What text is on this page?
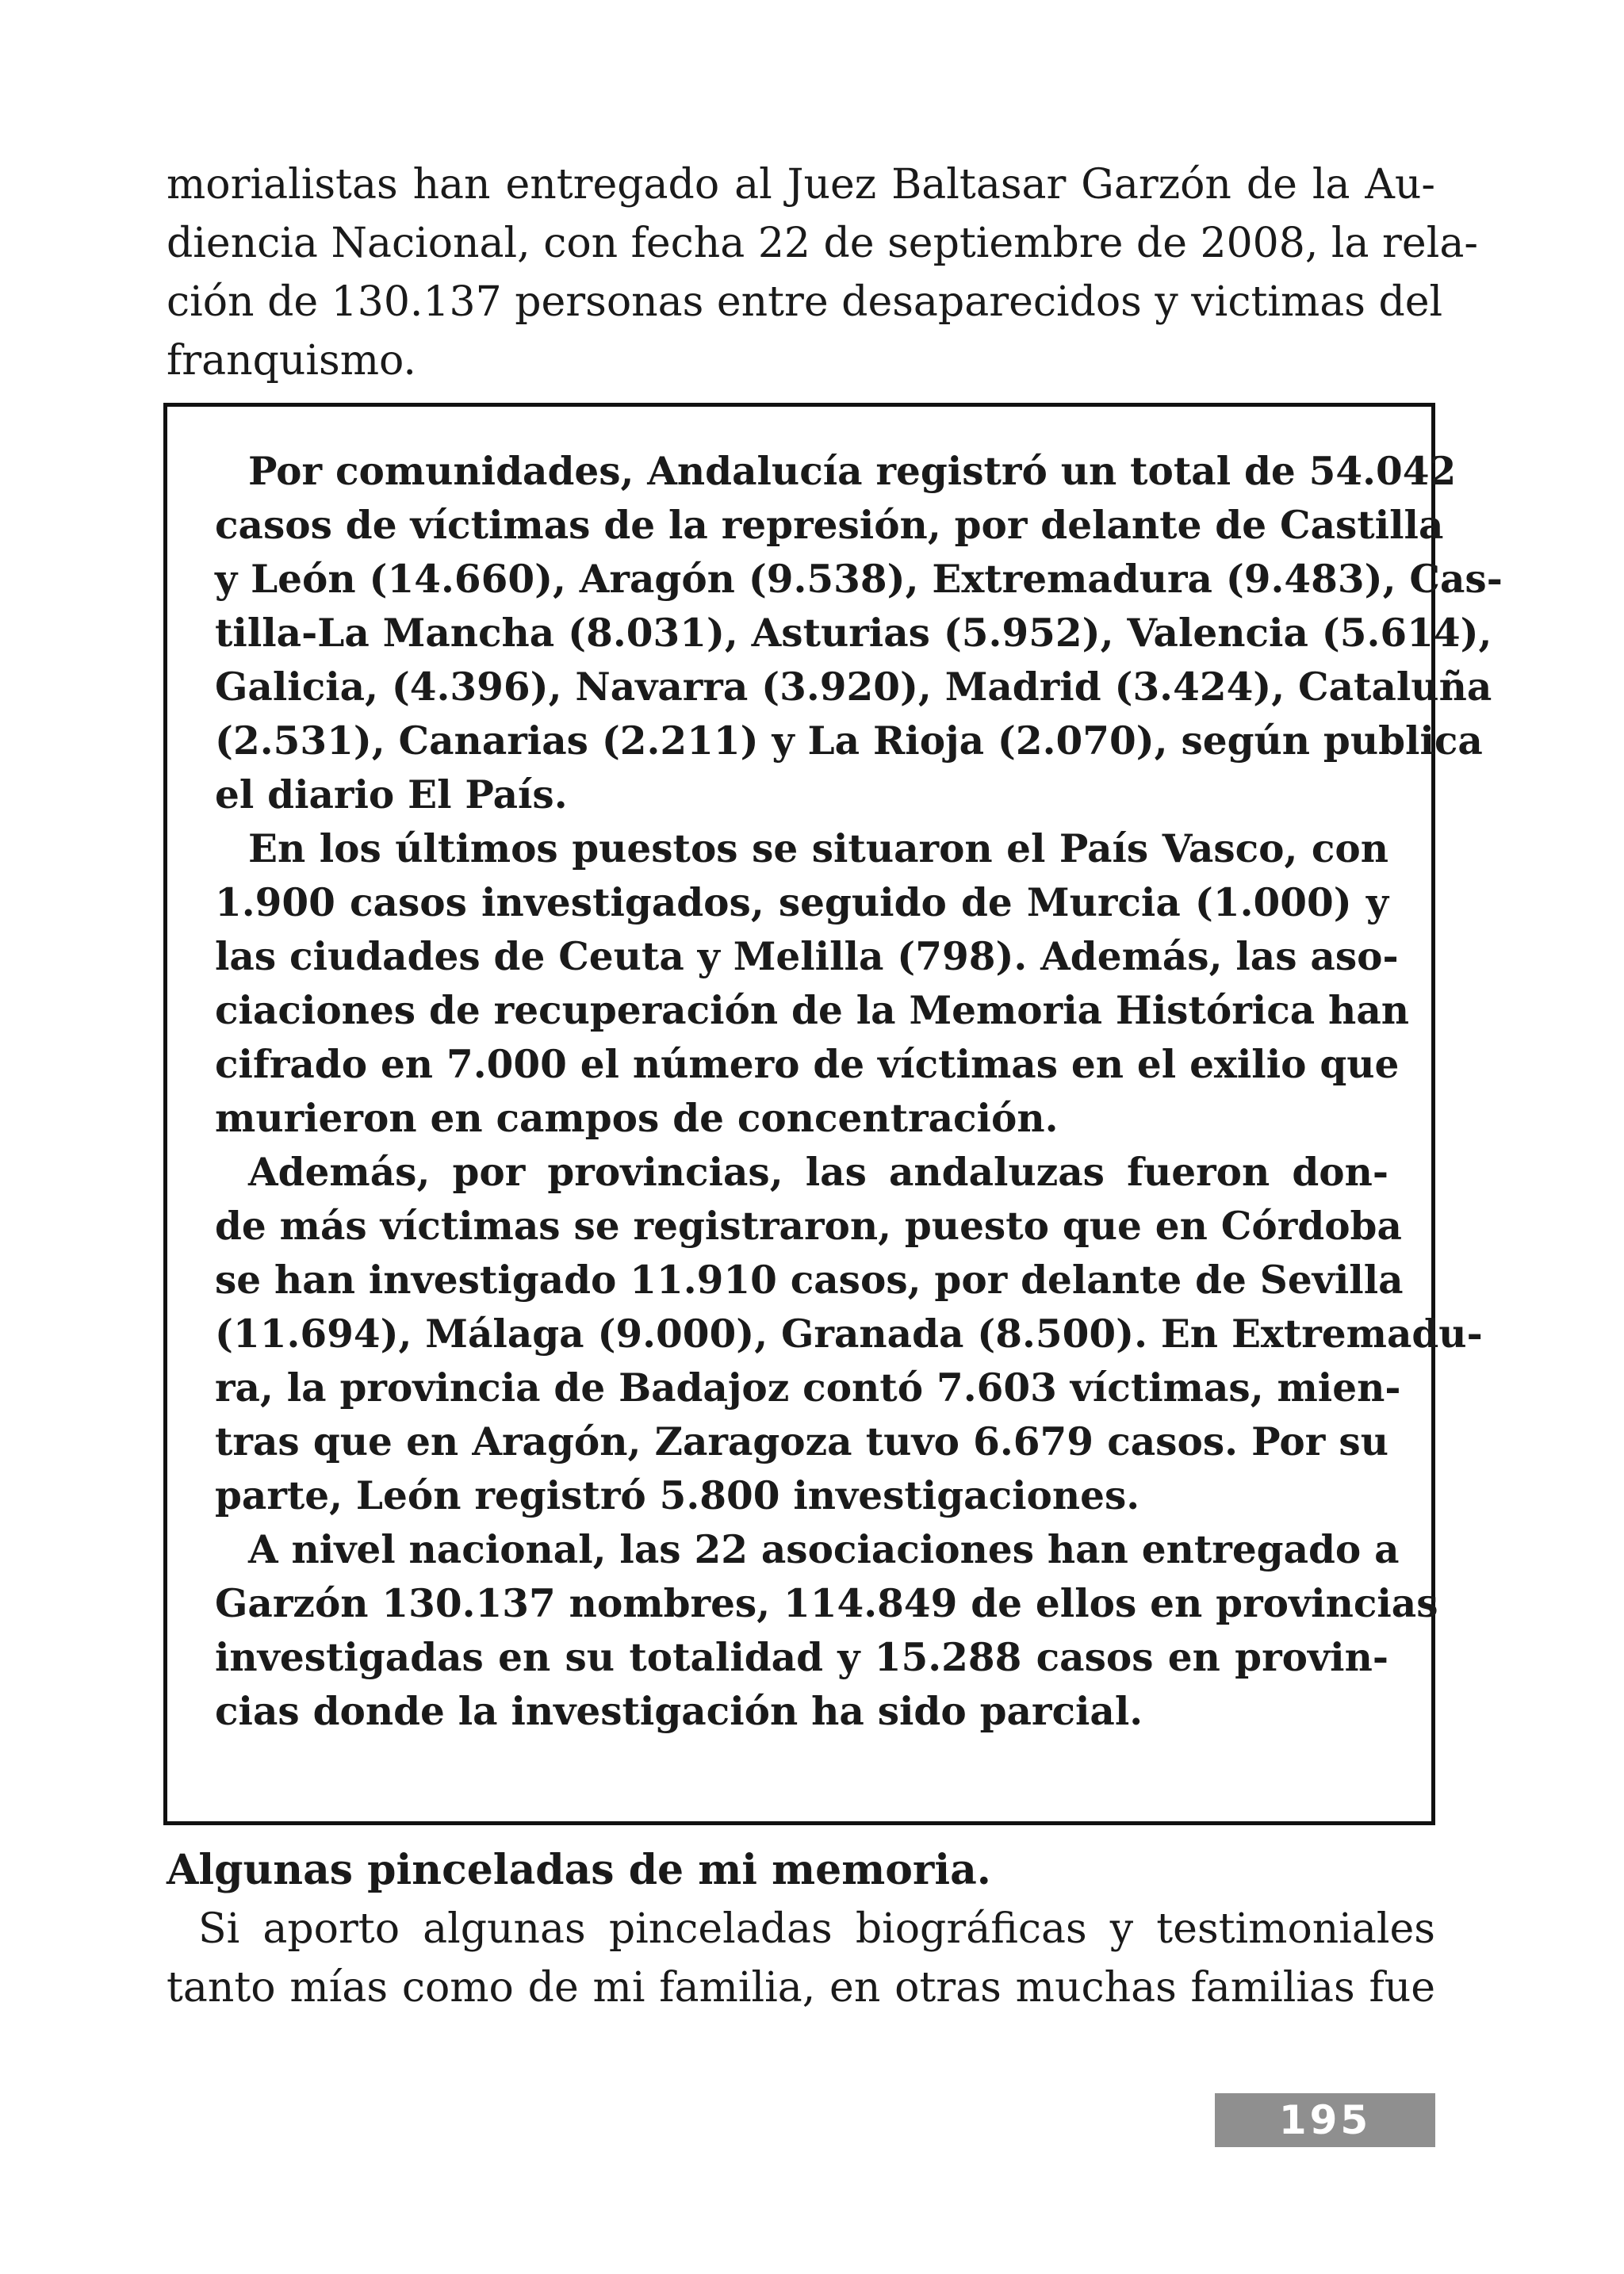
morialistas han entregado al Juez Baltasar Garzón de la Au-
diencia Nacional, con fecha 22 de septiembre de 2008, la rela-
ción de 130.137 personas entre desaparecidos y victimas del
franquismo.
Por comunidades, Andalucía registró un total de 54.042
casos de víctimas de la represión, por delante de Castilla
y León (14.660), Aragón (9.538), Extremadura (9.483), Cas-
tilla-La Mancha (8.031), Asturias (5.952), Valencia (5.614),
Galicia, (4.396), Navarra (3.920), Madrid (3.424), Cataluña
(2.531), Canarias (2.211) y La Rioja (2.070), según publica
el diario El País.
En los últimos puestos se situaron el País Vasco, con
1.900 casos investigados, seguido de Murcia (1.000) y
las ciudades de Ceuta y Melilla (798). Además, las aso-
ciaciones de recuperación de la Memoria Histórica han
cifrado en 7.000 el número de víctimas en el exilio que
murieron en campos de concentración.
Además, por provincias, las andaluzas fueron don-
de más víctimas se registraron, puesto que en Córdoba
se han investigado 11.910 casos, por delante de Sevilla
(11.694), Málaga (9.000), Granada (8.500). En Extremadu-
ra, la provincia de Badajoz contó 7.603 víctimas, mien-
tras que en Aragón, Zaragoza tuvo 6.679 casos. Por su
parte, León registró 5.800 investigaciones.
A nivel nacional, las 22 asociaciones han entregado a
Garzón 130.137 nombres, 114.849 de ellos en provincias
investigadas en su totalidad y 15.288 casos en provin-
cias donde la investigación ha sido parcial.
Algunas pinceladas de mi memoria.
Si aporto algunas pinceladas biográficas y testimoniales
tanto mías como de mi familia, en otras muchas familias fue
195
